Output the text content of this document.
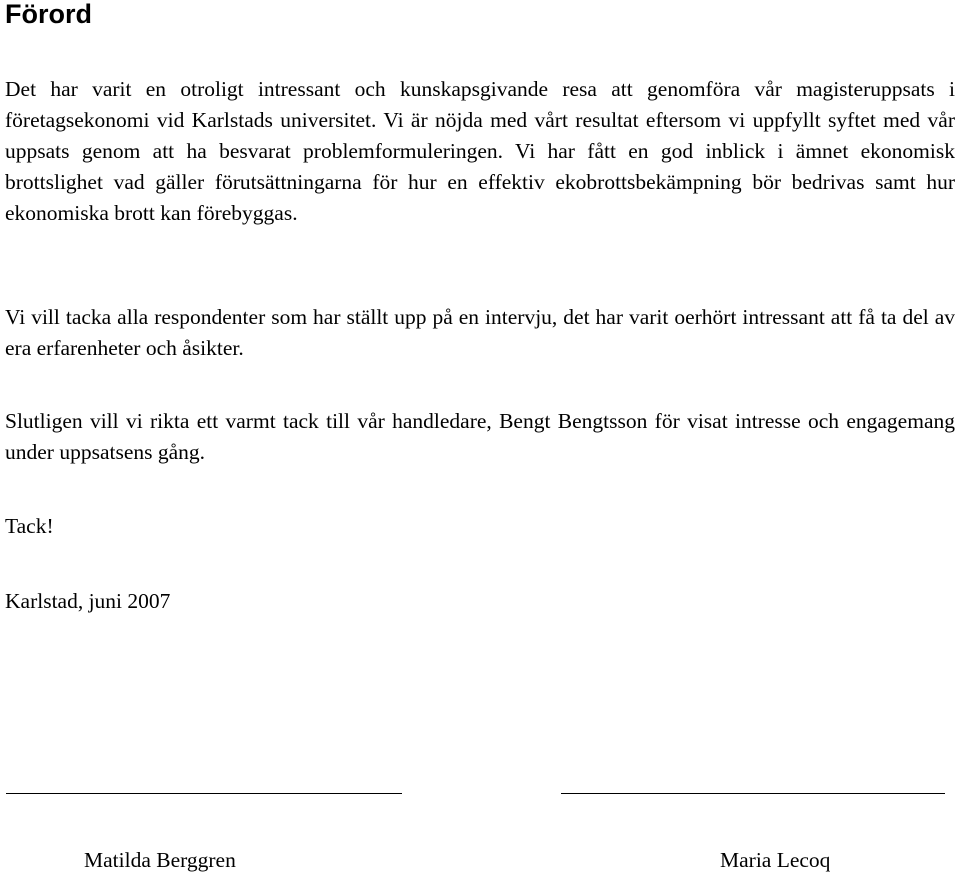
Förord

Det har varit en otroligt intressant och kunskapsgivande resa att genomföra vår magisteruppsats i företagsekonomi vid Karlstads universitet. Vi är nöjda med vårt resultat eftersom vi uppfyllt syftet med vår uppsats genom att ha besvarat problemformuleringen. Vi har fått en god inblick i ämnet ekonomisk brottslighet vad gäller förutsättningarna för hur en effektiv ekobrottsbekämpning bör bedrivas samt hur ekonomiska brott kan förebyggas.

Vi vill tacka alla respondenter som har ställt upp på en intervju, det har varit oerhört intressant att få ta del av era erfarenheter och åsikter.

Slutligen vill vi rikta ett varmt tack till vår handledare, Bengt Bengtsson för visat intresse och engagemang under uppsatsens gång.

Tack!

Karlstad, juni 2007

Matilda Berggren	Maria Lecoq
